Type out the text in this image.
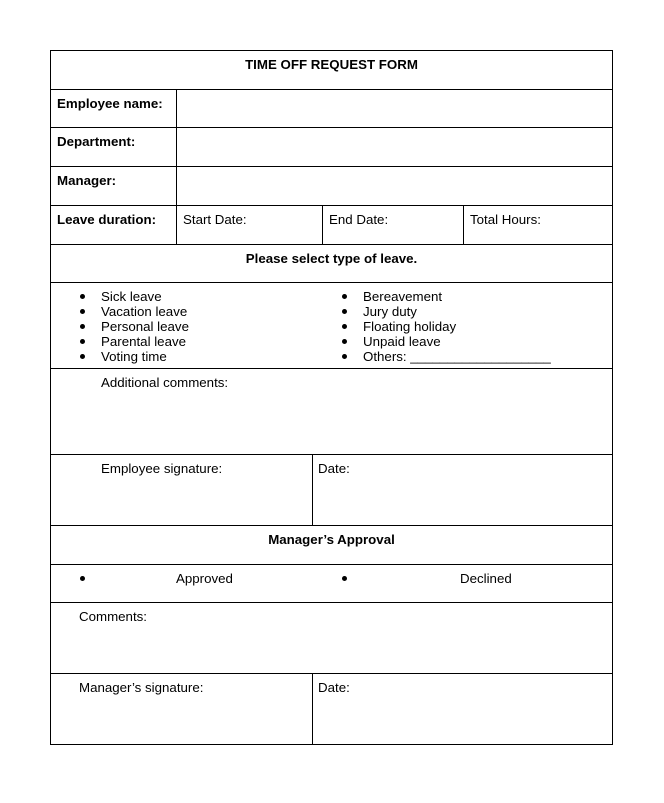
TIME OFF REQUEST FORM
Employee name:
Department:
Manager:
Leave duration: Start Date:	End Date:	Total Hours:
Please select type of leave.
Sick leave
Vacation leave
Personal leave
Parental leave
Voting time
Bereavement
Jury duty
Floating holiday
Unpaid leave
Others: ___________________
Additional comments:
Employee signature:	Date:
Manager’s Approval
Approved	Declined
Comments:
Manager’s signature:	Date:
